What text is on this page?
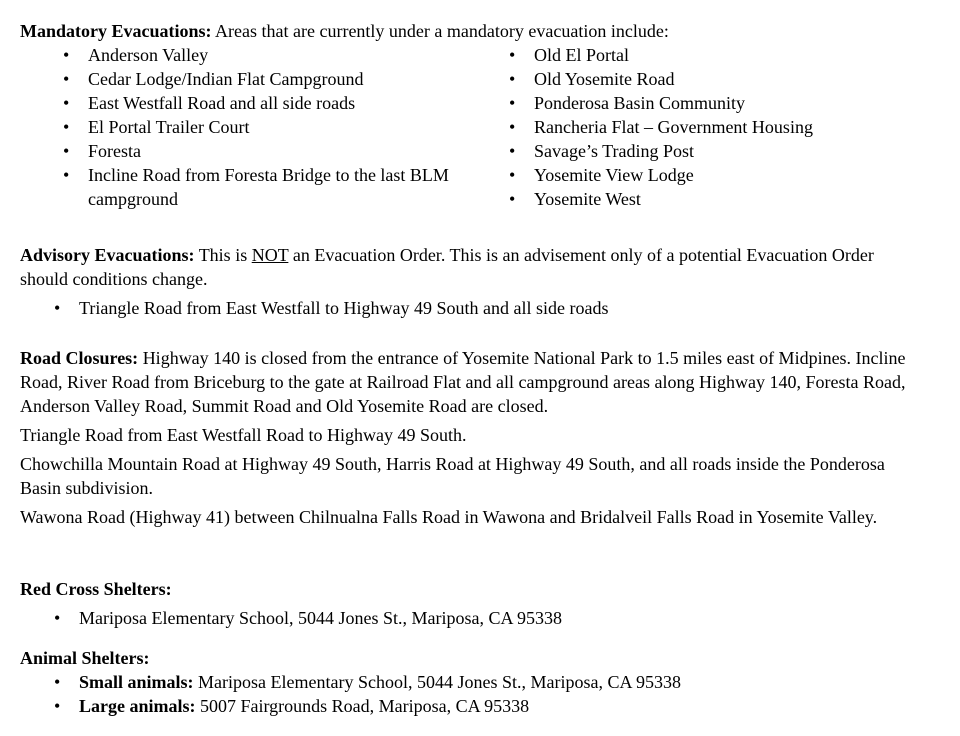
Mandatory Evacuations: Areas that are currently under a mandatory evacuation include:

• Anderson Valley
• Cedar Lodge/Indian Flat Campground
• East Westfall Road and all side roads
• El Portal Trailer Court
• Foresta
• Incline Road from Foresta Bridge to the last BLM campground
• Old El Portal
• Old Yosemite Road
• Ponderosa Basin Community
• Rancheria Flat – Government Housing
• Savage’s Trading Post
• Yosemite View Lodge
• Yosemite West

Advisory Evacuations: This is NOT an Evacuation Order. This is an advisement only of a potential Evacuation Order should conditions change.

• Triangle Road from East Westfall to Highway 49 South and all side roads

Road Closures: Highway 140 is closed from the entrance of Yosemite National Park to 1.5 miles east of Midpines. Incline Road, River Road from Briceburg to the gate at Railroad Flat and all campground areas along Highway 140, Foresta Road, Anderson Valley Road, Summit Road and Old Yosemite Road are closed.

Triangle Road from East Westfall Road to Highway 49 South.

Chowchilla Mountain Road at Highway 49 South, Harris Road at Highway 49 South, and all roads inside the Ponderosa Basin subdivision.

Wawona Road (Highway 41) between Chilnualna Falls Road in Wawona and Bridalveil Falls Road in Yosemite Valley.

Red Cross Shelters:

• Mariposa Elementary School, 5044 Jones St., Mariposa, CA 95338

Animal Shelters:

• Small animals: Mariposa Elementary School, 5044 Jones St., Mariposa, CA 95338
• Large animals: 5007 Fairgrounds Road, Mariposa, CA 95338
